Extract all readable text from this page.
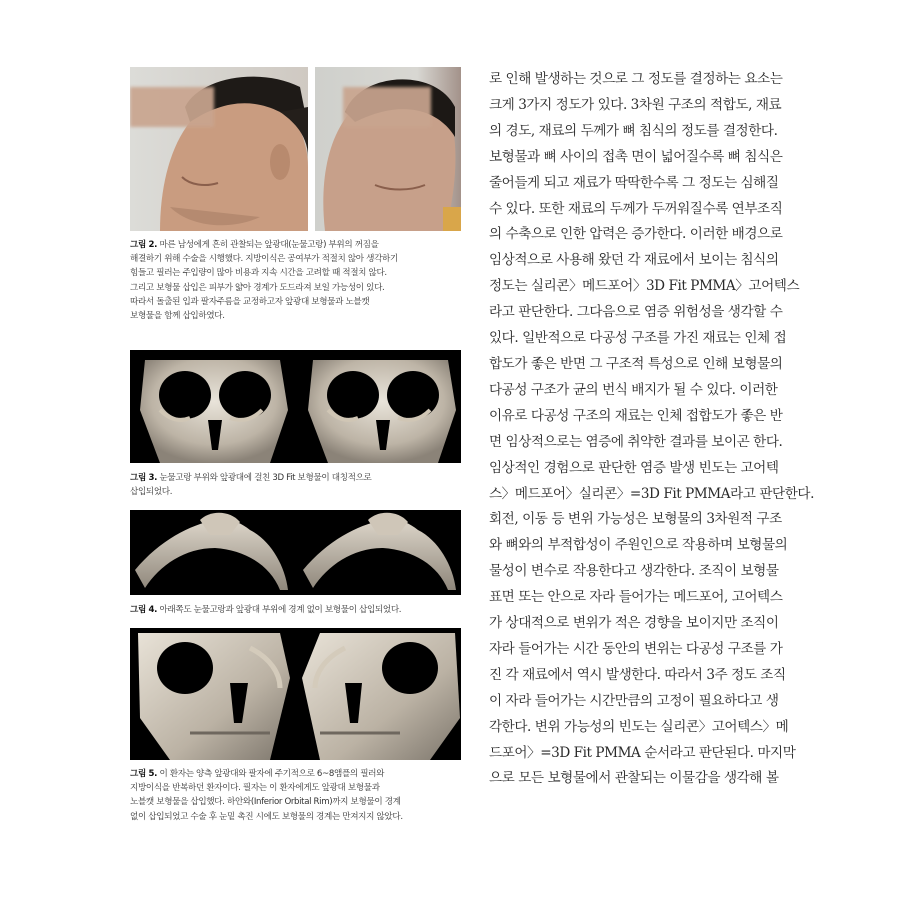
그림 2. 마른 남성에게 흔히 관찰되는 앞광대(눈물고랑) 부위의 꺼짐을
해결하기 위해 수술을 시행했다. 지방이식은 공여부가 적절치 않아 생각하기
힘들고 필러는 주입량이 많아 비용과 지속 시간을 고려할 때 적절치 않다.
그리고 보형물 삽입은 피부가 얇아 경계가 도드라져 보일 가능성이 있다.
따라서 돌출된 입과 팔자주름을 교정하고자 앞광대 보형물과 노블캣
보형물을 함께 삽입하였다.
그림 3. 눈물고랑 부위와 앞광대에 걸친 3D Fit 보형물이 대칭적으로
삽입되었다.
그림 4. 아래쪽도 눈물고랑과 앞광대 부위에 경계 없이 보형물이 삽입되었다.
그림 5. 이 환자는 양측 앞광대와 팔자에 주기적으로 6~8앰플의 필러와
지방이식을 반복하던 환자이다. 필자는 이 환자에게도 앞광대 보형물과
노블캣 보형물을 삽입했다. 하안와(Inferior Orbital Rim)까지 보형물이 경계
없이 삽입되었고 수술 후 눈밑 촉진 시에도 보형물의 경계는 만져지지 않았다.
로 인해 발생하는 것으로 그 정도를 결정하는 요소는
크게 3가지 정도가 있다. 3차원 구조의 적합도, 재료
의 경도, 재료의 두께가 뼈 침식의 정도를 결정한다.
보형물과 뼈 사이의 접촉 면이 넓어질수록 뼈 침식은
줄어들게 되고 재료가 딱딱한수록 그 정도는 심해질
수 있다. 또한 재료의 두께가 두꺼워질수록 연부조직
의 수축으로 인한 압력은 증가한다. 이러한 배경으로
임상적으로 사용해 왔던 각 재료에서 보이는 침식의
정도는 실리콘〉메드포어〉3D Fit PMMA〉고어텍스
라고 판단한다. 그다음으로 염증 위험성을 생각할 수
있다. 일반적으로 다공성 구조를 가진 재료는 인체 접
합도가 좋은 반면 그 구조적 특성으로 인해 보형물의
다공성 구조가 균의 번식 배지가 될 수 있다. 이러한
이유로 다공성 구조의 재료는 인체 접합도가 좋은 반
면 임상적으로는 염증에 취약한 결과를 보이곤 한다.
임상적인 경험으로 판단한 염증 발생 빈도는 고어텍
스〉메드포어〉실리콘〉=3D Fit PMMA라고 판단한다.
회전, 이동 등 변위 가능성은 보형물의 3차원적 구조
와 뼈와의 부적합성이 주원인으로 작용하며 보형물의
물성이 변수로 작용한다고 생각한다. 조직이 보형물
표면 또는 안으로 자라 들어가는 메드포어, 고어텍스
가 상대적으로 변위가 적은 경향을 보이지만 조직이
자라 들어가는 시간 동안의 변위는 다공성 구조를 가
진 각 재료에서 역시 발생한다. 따라서 3주 정도 조직
이 자라 들어가는 시간만큼의 고정이 필요하다고 생
각한다. 변위 가능성의 빈도는 실리콘〉고어텍스〉메
드포어〉=3D Fit PMMA 순서라고 판단된다. 마지막
으로 모든 보형물에서 관찰되는 이물감을 생각해 볼
